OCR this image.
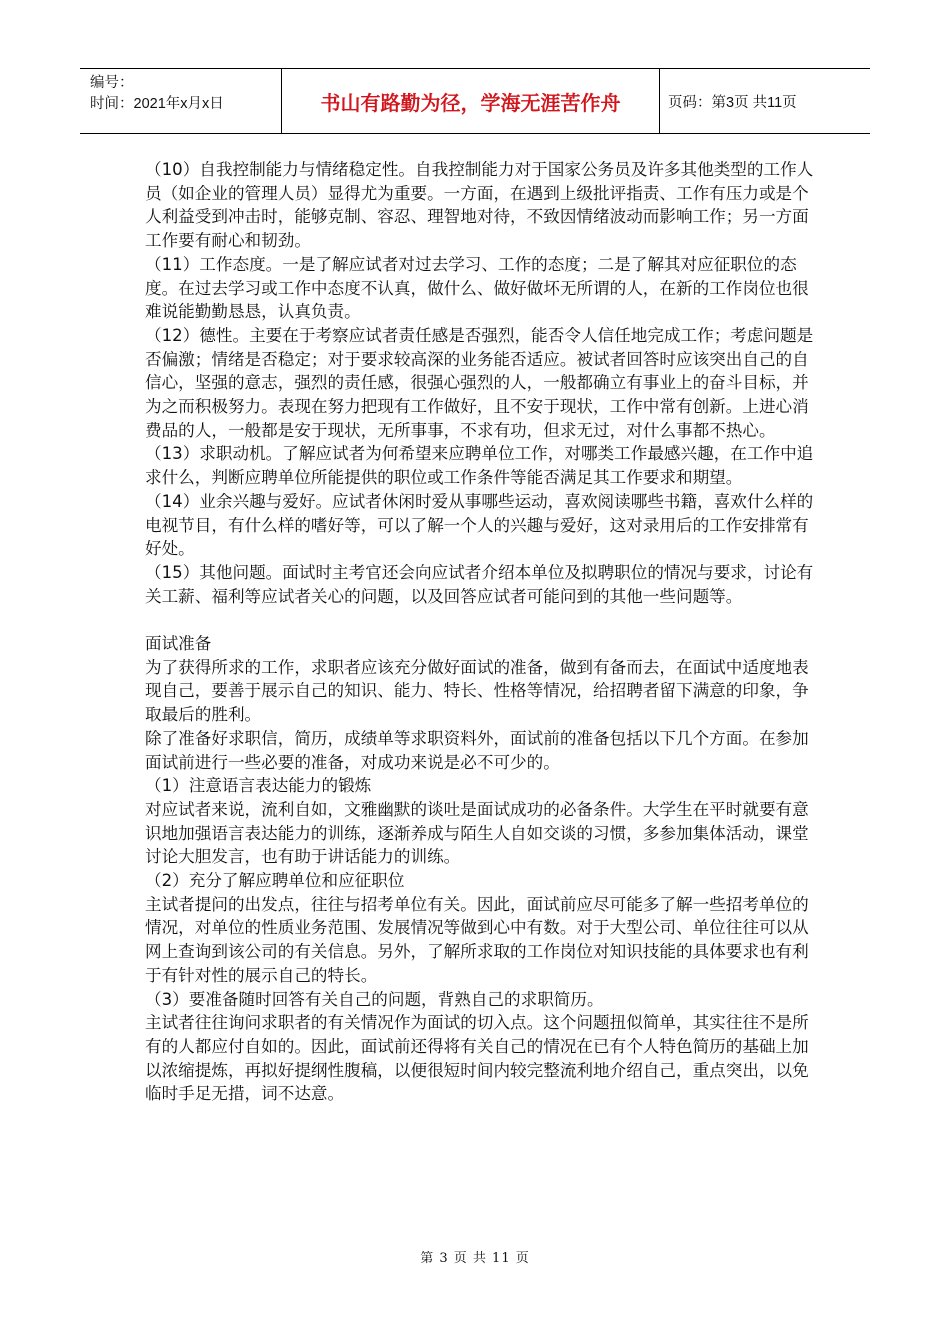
编号：
时间：2021年x月x日	书山有路勤为径，学海无涯苦作舟	页码：第3页 共11页

（10）自我控制能力与情绪稳定性。自我控制能力对于国家公务员及许多其他类型的工作人员（如企业的管理人员）显得尤为重要。一方面，在遇到上级批评指责、工作有压力或是个人利益受到冲击时，能够克制、容忍、理智地对待，不致因情绪波动而影响工作；另一方面工作要有耐心和韧劲。

（11）工作态度。一是了解应试者对过去学习、工作的态度；二是了解其对应征职位的态度。在过去学习或工作中态度不认真，做什么、做好做坏无所谓的人，在新的工作岗位也很难说能勤勤恳恳，认真负责。

（12）德性。主要在于考察应试者责任感是否强烈，能否令人信任地完成工作；考虑问题是否偏激；情绪是否稳定；对于要求较高深的业务能否适应。被试者回答时应该突出自己的自信心，坚强的意志，强烈的责任感，很强心强烈的人，一般都确立有事业上的奋斗目标，并为之而积极努力。表现在努力把现有工作做好，且不安于现状，工作中常有创新。上进心消费品的人，一般都是安于现状，无所事事，不求有功，但求无过，对什么事都不热心。

（13）求职动机。了解应试者为何希望来应聘单位工作，对哪类工作最感兴趣，在工作中追求什么，判断应聘单位所能提供的职位或工作条件等能否满足其工作要求和期望。

（14）业余兴趣与爱好。应试者休闲时爱从事哪些运动，喜欢阅读哪些书籍，喜欢什么样的电视节目，有什么样的嗜好等，可以了解一个人的兴趣与爱好，这对录用后的工作安排常有好处。

（15）其他问题。面试时主考官还会向应试者介绍本单位及拟聘职位的情况与要求，讨论有关工薪、福利等应试者关心的问题，以及回答应试者可能问到的其他一些问题等。

面试准备

为了获得所求的工作，求职者应该充分做好面试的准备，做到有备而去，在面试中适度地表现自己，要善于展示自己的知识、能力、特长、性格等情况，给招聘者留下满意的印象，争取最后的胜利。

除了准备好求职信，简历，成绩单等求职资料外，面试前的准备包括以下几个方面。在参加面试前进行一些必要的准备，对成功来说是必不可少的。

（1）注意语言表达能力的锻炼

对应试者来说，流利自如，文雅幽默的谈吐是面试成功的必备条件。大学生在平时就要有意识地加强语言表达能力的训练，逐渐养成与陌生人自如交谈的习惯，多参加集体活动，课堂讨论大胆发言，也有助于讲话能力的训练。

（2）充分了解应聘单位和应征职位

主试者提问的出发点，往往与招考单位有关。因此，面试前应尽可能多了解一些招考单位的情况，对单位的性质业务范围、发展情况等做到心中有数。对于大型公司、单位往往可以从网上查询到该公司的有关信息。另外，了解所求取的工作岗位对知识技能的具体要求也有利于有针对性的展示自己的特长。

（3）要准备随时回答有关自己的问题，背熟自己的求职简历。

主试者往往询问求职者的有关情况作为面试的切入点。这个问题扭似简单，其实往往不是所有的人都应付自如的。因此，面试前还得将有关自己的情况在已有个人特色简历的基础上加以浓缩提炼，再拟好提纲性腹稿，以便很短时间内较完整流利地介绍自己，重点突出，以免临时手足无措，词不达意。

第 3 页 共 11 页
